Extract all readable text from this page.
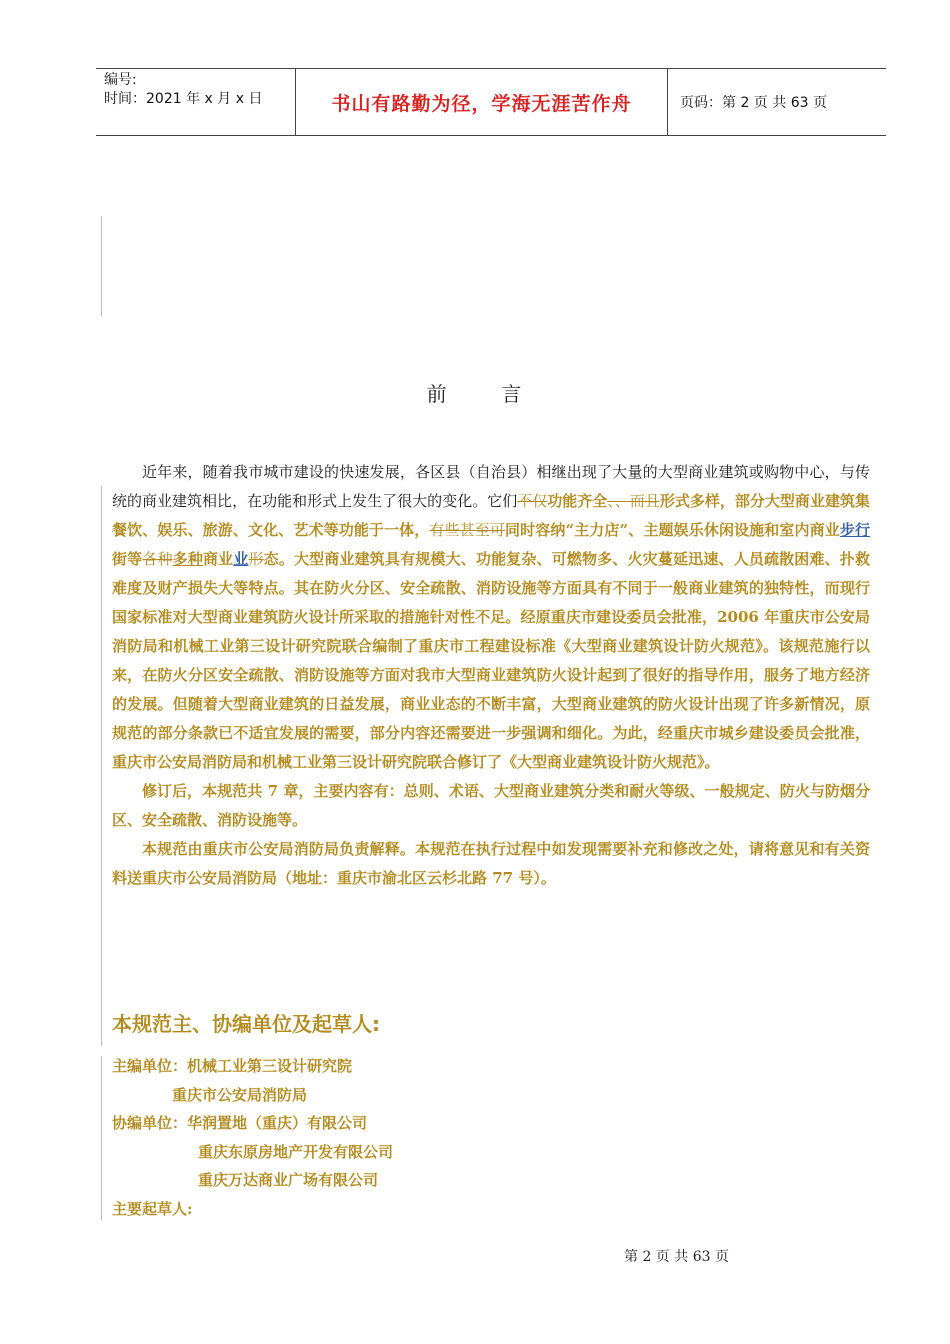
编号:
时间：2021 年 x 月 x 日	书山有路勤为径，学海无涯苦作舟	页码：第 2 页 共 63 页
前	言

近年来，随着我市城市建设的快速发展，各区县（自治县）相继出现了大量的大型商业建筑或购物中心，与传统的商业建筑相比，在功能和形式上发生了很大的变化。它们不仅功能齐全、、而且形式多样，部分大型商业建筑集餐饮、娱乐、旅游、文化、艺术等功能于一体，有些甚至可同时容纳“主力店”、主题娱乐休闲设施和室内商业步行街等各种多种商业业形态。大型商业建筑具有规模大、功能复杂、可燃物多、火灾蔓延迅速、人员疏散困难、扑救难度及财产损失大等特点。其在防火分区、安全疏散、消防设施等方面具有不同于一般商业建筑的独特性，而现行国家标准对大型商业建筑防火设计所采取的措施针对性不足。经原重庆市建设委员会批准，2006 年重庆市公安局消防局和机械工业第三设计研究院联合编制了重庆市工程建设标准《大型商业建筑设计防火规范》。该规范施行以来，在防火分区安全疏散、消防设施等方面对我市大型商业建筑防火设计起到了很好的指导作用，服务了地方经济的发展。但随着大型商业建筑的日益发展，商业业态的不断丰富，大型商业建筑的防火设计出现了许多新情况，原规范的部分条款已不适宜发展的需要，部分内容还需要进一步强调和细化。为此，经重庆市城乡建设委员会批准，重庆市公安局消防局和机械工业第三设计研究院联合修订了《大型商业建筑设计防火规范》。

修订后，本规范共 7 章，主要内容有：总则、术语、大型商业建筑分类和耐火等级、一般规定、防火与防烟分区、安全疏散、消防设施等。

本规范由重庆市公安局消防局负责解释。本规范在执行过程中如发现需要补充和修改之处，请将意见和有关资料送重庆市公安局消防局（地址：重庆市渝北区云杉北路 77 号）。

本规范主、协编单位及起草人:
主编单位：机械工业第三设计研究院
重庆市公安局消防局
协编单位：华润置地（重庆）有限公司
重庆东原房地产开发有限公司
重庆万达商业广场有限公司
主要起草人:
第 2 页 共 63 页
